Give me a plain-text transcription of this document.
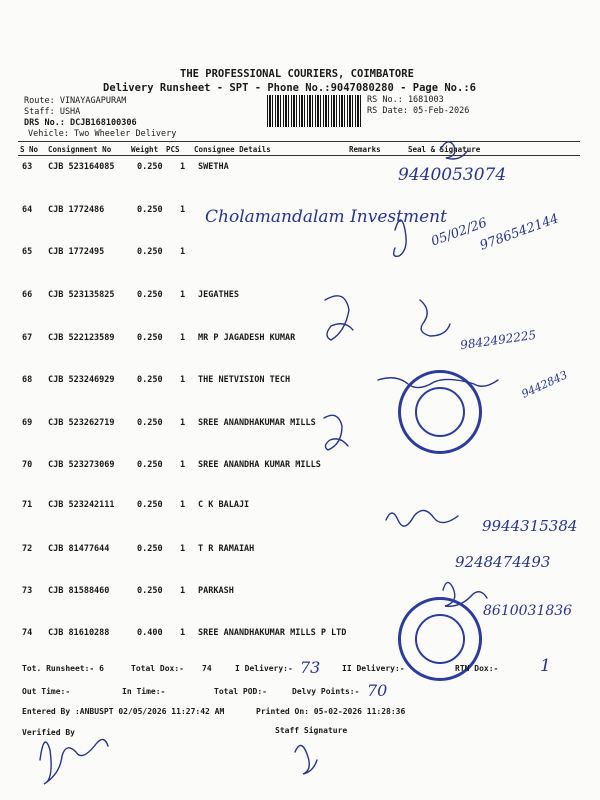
THE PROFESSIONAL COURIERS, COIMBATORE
Delivery Runsheet - SPT - Phone No.:9047080280 - Page No.:6
Route: VINAYAGAPURAM
Staff: USHA
DRS No.: DCJB168100306
Vehicle: Two Wheeler Delivery
RS No.: 1681003
RS Date: 05-Feb-2026
S No Consignment No	Weight PCS Consignee Details	Remarks	Seal & Signature
63 CJB 523164085	0.250 1 SWETHA
64 CJB 1772486	0.250 1
65 CJB 1772495	0.250 1
66 CJB 523135825	0.250 1 JEGATHES
67 CJB 522123589	0.250 1 MR P JAGADESH KUMAR
68 CJB 523246929	0.250 1 THE NETVISION TECH
69 CJB 523262719	0.250 1 SREE ANANDHAKUMAR MILLS
70 CJB 523273069	0.250 1 SREE ANANDHA KUMAR MILLS
71 CJB 523242111	0.250 1 C K BALAJI
72 CJB 81477644	0.250 1 T R RAMAIAH
73 CJB 81588460	0.250 1 PARKASH
74 CJB 81610288	0.400 1 SREE ANANDHAKUMAR MILLS P LTD
9440053074
Cholamandalam Investment
05/02/26
9786542144
9842492225
9442843
9944315384
9248474493
8610031836
Tot. Runsheet:- 6	Total Dox:- 74	I Delivery:- 73	II Delivery:-	RTN Dox:- 1
Out Time:-	In Time:-	Total POD:-	Delvy Points:- 70
Entered By :ANBUSPT 02/05/2026 11:27:42 AM	Printed On: 05-02-2026 11:28:36
Verified By	Staff Signature
